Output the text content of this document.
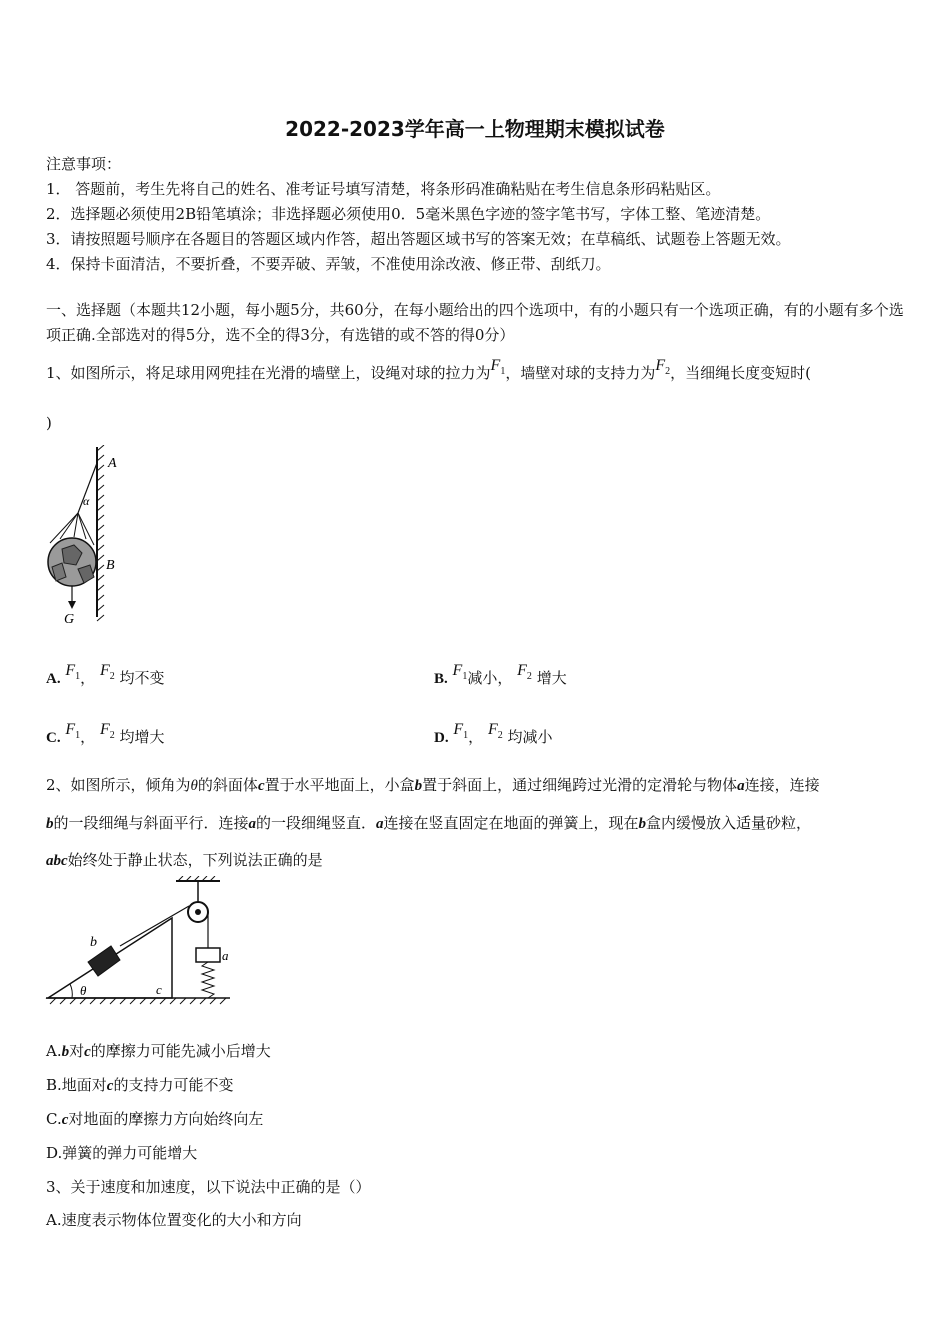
2022-2023学年高一上物理期末模拟试卷
注意事项：
1． 答题前，考生先将自己的姓名、准考证号填写清楚，将条形码准确粘贴在考生信息条形码粘贴区。
2．选择题必须使用2B铅笔填涂；非选择题必须使用0．5毫米黑色字迹的签字笔书写，字体工整、笔迹清楚。
3．请按照题号顺序在各题目的答题区域内作答，超出答题区域书写的答案无效；在草稿纸、试题卷上答题无效。
4．保持卡面清洁，不要折叠，不要弄破、弄皱，不准使用涂改液、修正带、刮纸刀。
一、选择题（本题共12小题，每小题5分，共60分，在每小题给出的四个选项中，有的小题只有一个选项正确，有的小题有多个选项正确.全部选对的得5分，选不全的得3分，有选错的或不答的得0分）
1、如图所示，将足球用网兜挂在光滑的墙壁上，设绳对球的拉力为$F_1$，墙壁对球的支持力为$F_2$，当细绳长度变短时(
)
A
α
B
G
A. $F_1$， $F_2$ 均不变	B. $F_1$减小， $F_2$ 增大
C. $F_1$， $F_2$ 均增大	D. $F_1$， $F_2$ 均减小
2、如图所示，倾角为θ的斜面体c置于水平地面上，小盒b置于斜面上，通过细绳跨过光滑的定滑轮与物体a连接，连接
b的一段细绳与斜面平行．连接a的一段细绳竖直．a连接在竖直固定在地面的弹簧上，现在b盒内缓慢放入适量砂粒，
abc始终处于静止状态，下列说法正确的是
b
θ	c
a
A.b对c的摩擦力可能先减小后增大
B.地面对c的支持力可能不变
C.c对地面的摩擦力方向始终向左
D.弹簧的弹力可能增大
3、关于速度和加速度，以下说法中正确的是（）
A.速度表示物体位置变化的大小和方向
